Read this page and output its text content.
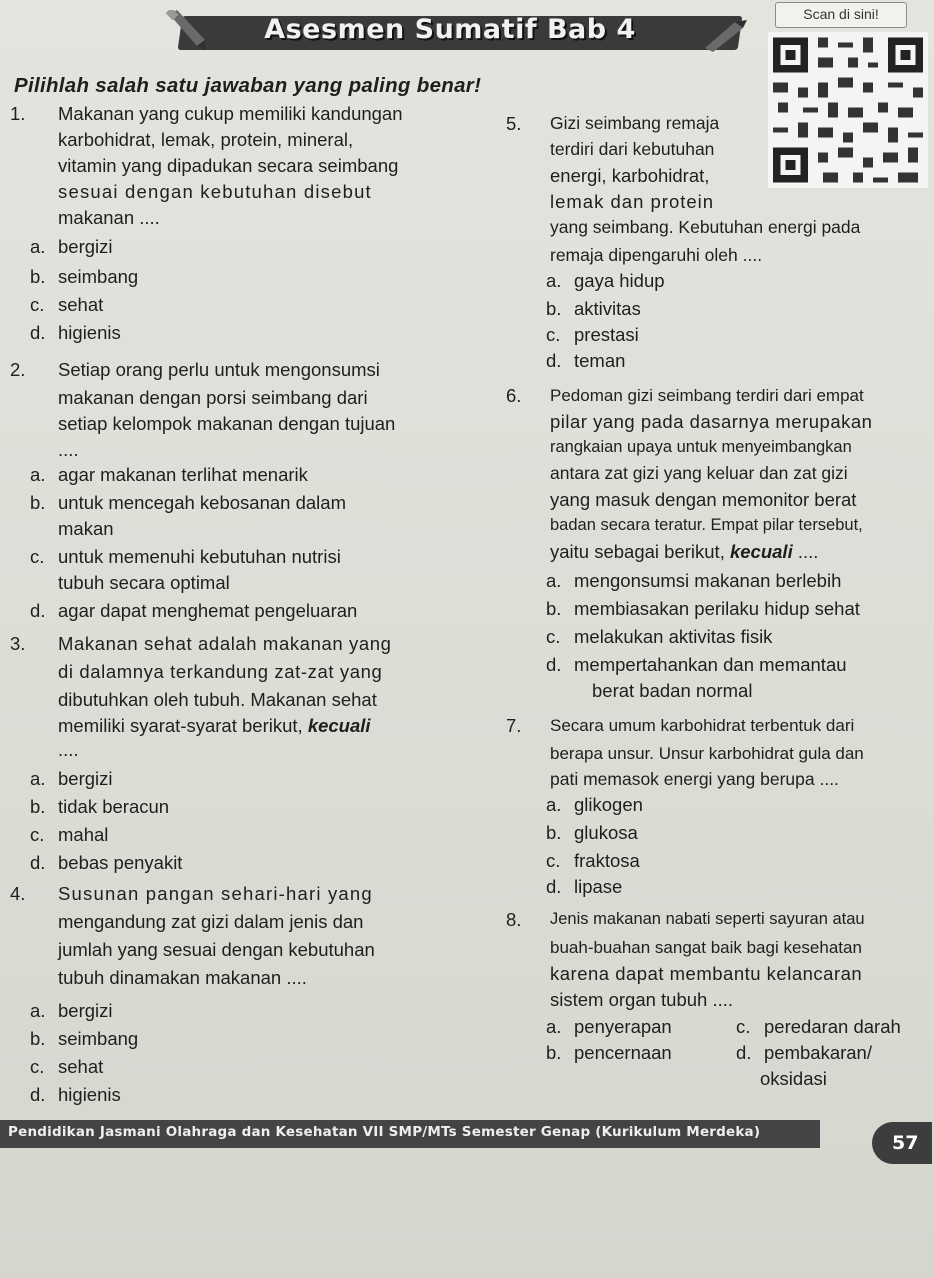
Asesmen Sumatif Bab 4	Scan di sini!
Pilihlah salah satu jawaban yang paling benar!
1. Makanan yang cukup memiliki kandungan
karbohidrat, lemak, protein, mineral,
vitamin yang dipadukan secara seimbang
sesuai dengan kebutuhan disebut
makanan ....
a. bergizi
b. seimbang
c. sehat
d. higienis
2. Setiap orang perlu untuk mengonsumsi
makanan dengan porsi seimbang dari
setiap kelompok makanan dengan tujuan
....
a. agar makanan terlihat menarik
b. untuk mencegah kebosanan dalam
makan
c. untuk memenuhi kebutuhan nutrisi
tubuh secara optimal
d. agar dapat menghemat pengeluaran
3. Makanan sehat adalah makanan yang
di dalamnya terkandung zat-zat yang
dibutuhkan oleh tubuh. Makanan sehat
memiliki syarat-syarat berikut, kecuali
....
a. bergizi
b. tidak beracun
c. mahal
d. bebas penyakit
4. Susunan pangan sehari-hari yang
mengandung zat gizi dalam jenis dan
jumlah yang sesuai dengan kebutuhan
tubuh dinamakan makanan ....
a. bergizi
b. seimbang
c. sehat
d. higienis
5. Gizi seimbang remaja
terdiri dari kebutuhan
energi, karbohidrat,
lemak dan protein
yang seimbang. Kebutuhan energi pada
remaja dipengaruhi oleh ....
a. gaya hidup
b. aktivitas
c. prestasi
d. teman
6. Pedoman gizi seimbang terdiri dari empat
pilar yang pada dasarnya merupakan
rangkaian upaya untuk menyeimbangkan
antara zat gizi yang keluar dan zat gizi
yang masuk dengan memonitor berat
badan secara teratur. Empat pilar tersebut,
yaitu sebagai berikut, kecuali ....
a. mengonsumsi makanan berlebih
b. membiasakan perilaku hidup sehat
c. melakukan aktivitas fisik
d. mempertahankan dan memantau
berat badan normal
7. Secara umum karbohidrat terbentuk dari
berapa unsur. Unsur karbohidrat gula dan
pati memasok energi yang berupa ....
a. glikogen
b. glukosa
c. fraktosa
d. lipase
8. Jenis makanan nabati seperti sayuran atau
buah-buahan sangat baik bagi kesehatan
karena dapat membantu kelancaran
sistem organ tubuh ....
a. penyerapan
b. pencernaan
c. peredaran darah
d. pembakaran/
oksidasi
Pendidikan Jasmani Olahraga dan Kesehatan VII SMP/MTs Semester Genap (Kurikulum Merdeka)	57
